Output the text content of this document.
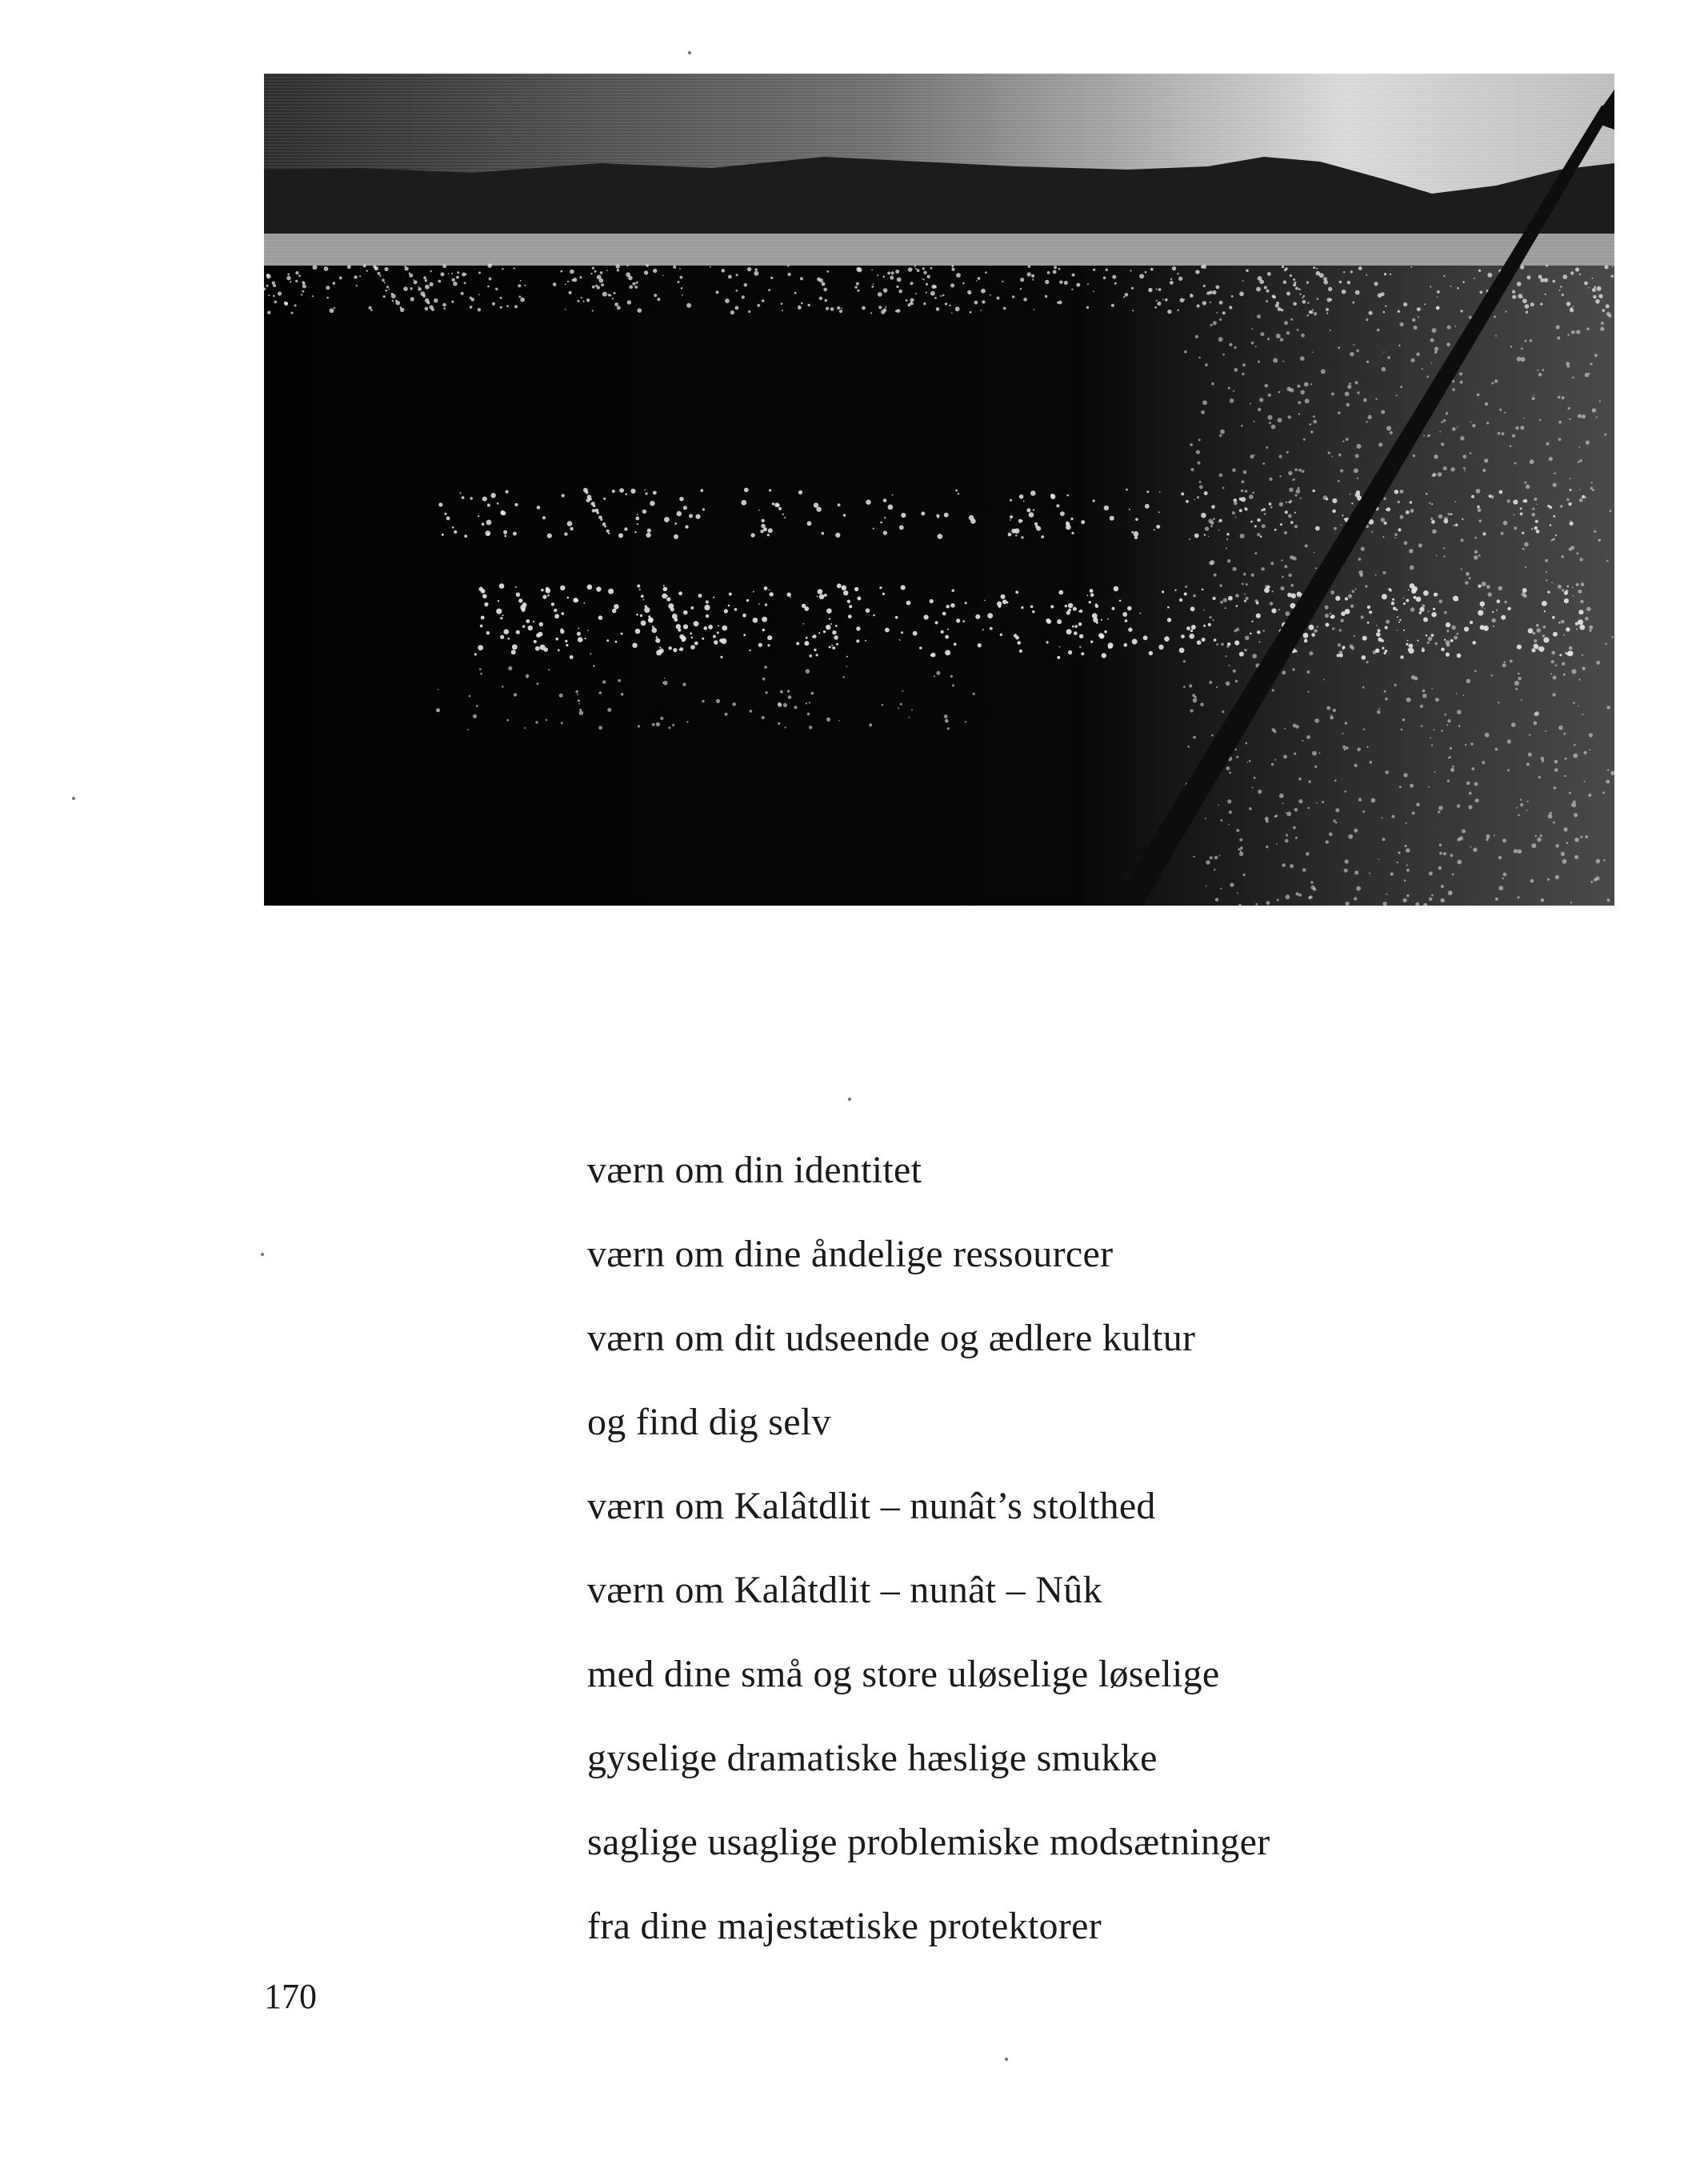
værn om din identitet
værn om dine åndelige ressourcer
værn om dit udseende og ædlere kultur
og find dig selv
værn om Kalâtdlit – nunât’s stolthed
værn om Kalâtdlit – nunât – Nûk
med dine små og store uløselige løselige
gyselige dramatiske hæslige smukke
saglige usaglige problemiske modsætninger
fra dine majestætiske protektorer
170
